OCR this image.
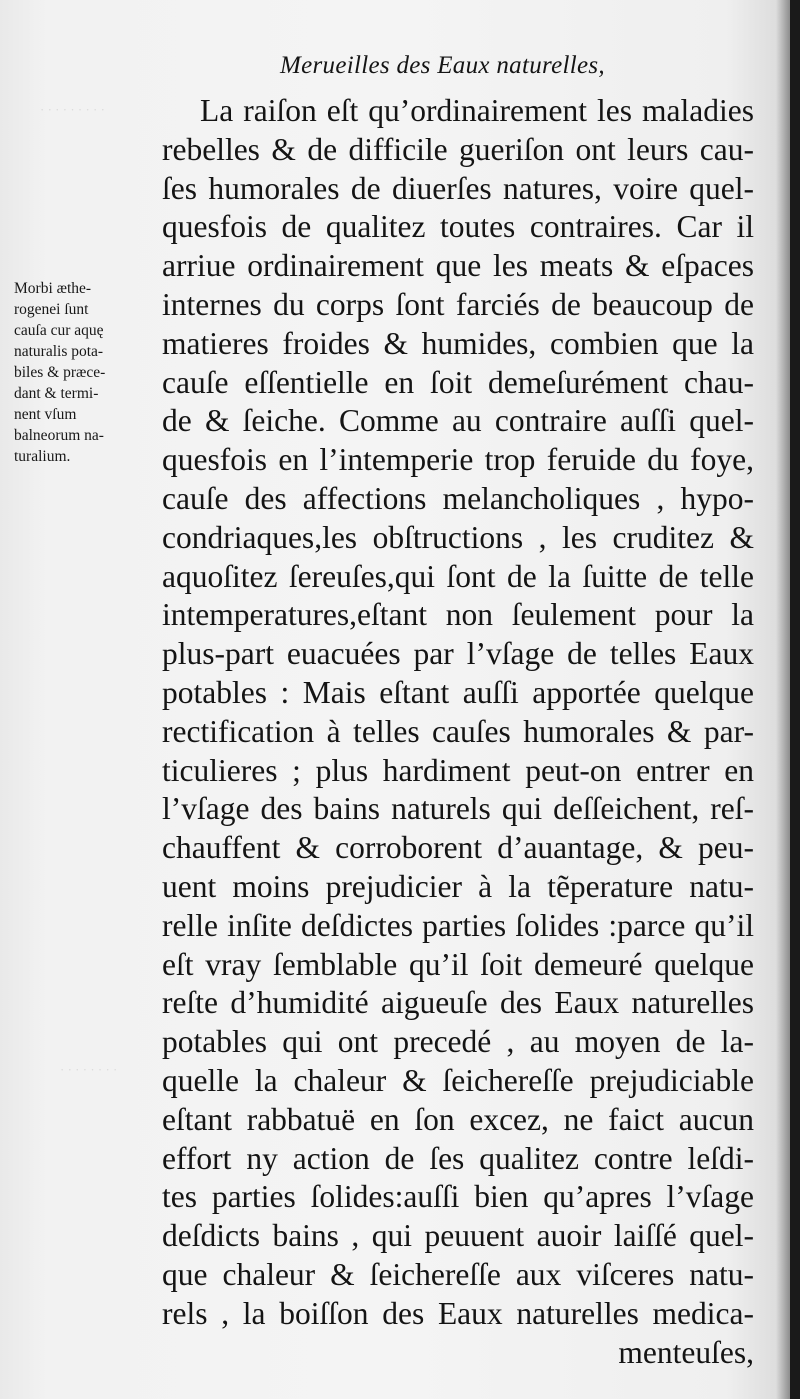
· · · · · · · · ·
· · · · · · · ·
Merueilles des Eaux naturelles,
Morbi æthe-
rogenei ſunt
cauſa cur aquę
naturalis pota-
biles & præce-
dant & termi-
nent vſum
balneorum na-
turalium.
La raiſon eſt qu’ordinairement les maladies
rebelles & de difficile gueriſon ont leurs cau-
ſes humorales de diuerſes natures, voire quel-
quesfois de qualitez toutes contraires. Car il
arriue ordinairement que les meats & eſpaces
internes du corps ſont farciés de beaucoup de
matieres froides & humides, combien que la
cauſe eſſentielle en ſoit demeſurément chau-
de & ſeiche. Comme au contraire auſſi quel-
quesfois en l’intemperie trop feruide du foye,
cauſe des affections melancholiques , hypo-
condriaques,les obſtructions , les cruditez &
aquoſitez ſereuſes,qui ſont de la ſuitte de telle
intemperatures,eſtant non ſeulement pour la
plus-part euacuées par l’vſage de telles Eaux
potables : Mais eſtant auſſi apportée quelque
rectification à telles cauſes humorales & par-
ticulieres ; plus hardiment peut-on entrer en
l’vſage des bains naturels qui deſſeichent, reſ-
chauffent & corroborent d’auantage, & peu-
uent moins prejudicier à la tẽperature natu-
relle inſite deſdictes parties ſolides :parce qu’il
eſt vray ſemblable qu’il ſoit demeuré quelque
reſte d’humidité aigueuſe des Eaux naturelles
potables qui ont precedé , au moyen de la-
quelle la chaleur & ſeichereſſe prejudiciable
eſtant rabbatuë en ſon excez, ne faict aucun
effort ny action de ſes qualitez contre leſdi-
tes parties ſolides:auſſi bien qu’apres l’vſage
deſdicts bains , qui peuuent auoir laiſſé quel-
que chaleur & ſeichereſſe aux viſceres natu-
rels , la boiſſon des Eaux naturelles medica-
menteuſes,
